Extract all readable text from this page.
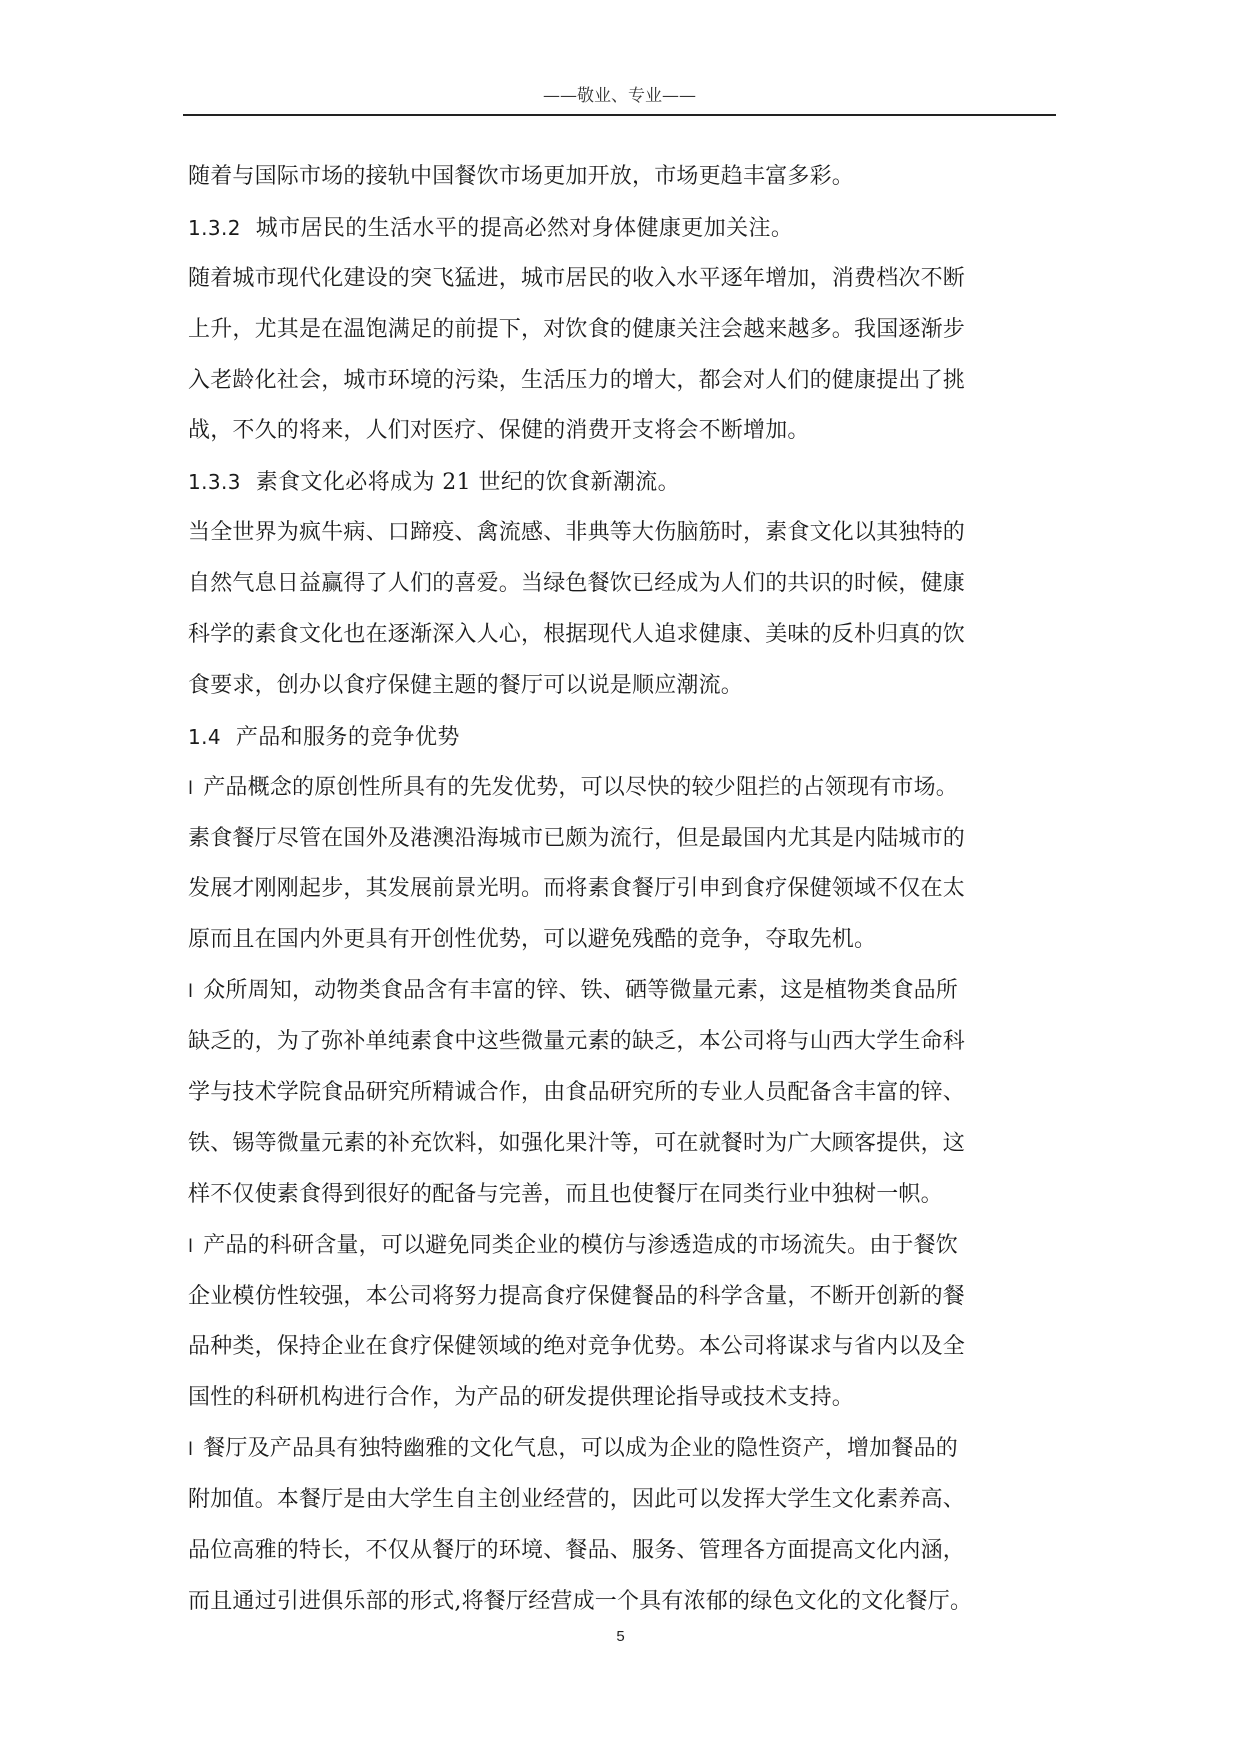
——敬业、专业——
随着与国际市场的接轨中国餐饮市场更加开放，市场更趋丰富多彩。
1.3.2 城市居民的生活水平的提高必然对身体健康更加关注。
随着城市现代化建设的突飞猛进，城市居民的收入水平逐年增加，消费档次不断
上升，尤其是在温饱满足的前提下，对饮食的健康关注会越来越多。我国逐渐步
入老龄化社会，城市环境的污染，生活压力的增大，都会对人们的健康提出了挑
战，不久的将来，人们对医疗、保健的消费开支将会不断增加。
1.3.3 素食文化必将成为 21 世纪的饮食新潮流。
当全世界为疯牛病、口蹄疫、禽流感、非典等大伤脑筋时，素食文化以其独特的
自然气息日益赢得了人们的喜爱。当绿色餐饮已经成为人们的共识的时候，健康
科学的素食文化也在逐渐深入人心，根据现代人追求健康、美味的反朴归真的饮
食要求，创办以食疗保健主题的餐厅可以说是顺应潮流。
1.4 产品和服务的竞争优势
l 产品概念的原创性所具有的先发优势，可以尽快的较少阻拦的占领现有市场。
素食餐厅尽管在国外及港澳沿海城市已颇为流行，但是最国内尤其是内陆城市的
发展才刚刚起步，其发展前景光明。而将素食餐厅引申到食疗保健领域不仅在太
原而且在国内外更具有开创性优势，可以避免残酷的竞争，夺取先机。
l 众所周知，动物类食品含有丰富的锌、铁、硒等微量元素，这是植物类食品所
缺乏的，为了弥补单纯素食中这些微量元素的缺乏，本公司将与山西大学生命科
学与技术学院食品研究所精诚合作，由食品研究所的专业人员配备含丰富的锌、
铁、锡等微量元素的补充饮料，如强化果汁等，可在就餐时为广大顾客提供，这
样不仅使素食得到很好的配备与完善，而且也使餐厅在同类行业中独树一帜。
l 产品的科研含量，可以避免同类企业的模仿与渗透造成的市场流失。由于餐饮
企业模仿性较强，本公司将努力提高食疗保健餐品的科学含量，不断开创新的餐
品种类，保持企业在食疗保健领域的绝对竞争优势。本公司将谋求与省内以及全
国性的科研机构进行合作，为产品的研发提供理论指导或技术支持。
l 餐厅及产品具有独特幽雅的文化气息，可以成为企业的隐性资产，增加餐品的
附加值。本餐厅是由大学生自主创业经营的，因此可以发挥大学生文化素养高、
品位高雅的特长，不仅从餐厅的环境、餐品、服务、管理各方面提高文化内涵，
而且通过引进俱乐部的形式,将餐厅经营成一个具有浓郁的绿色文化的文化餐厅。
5
